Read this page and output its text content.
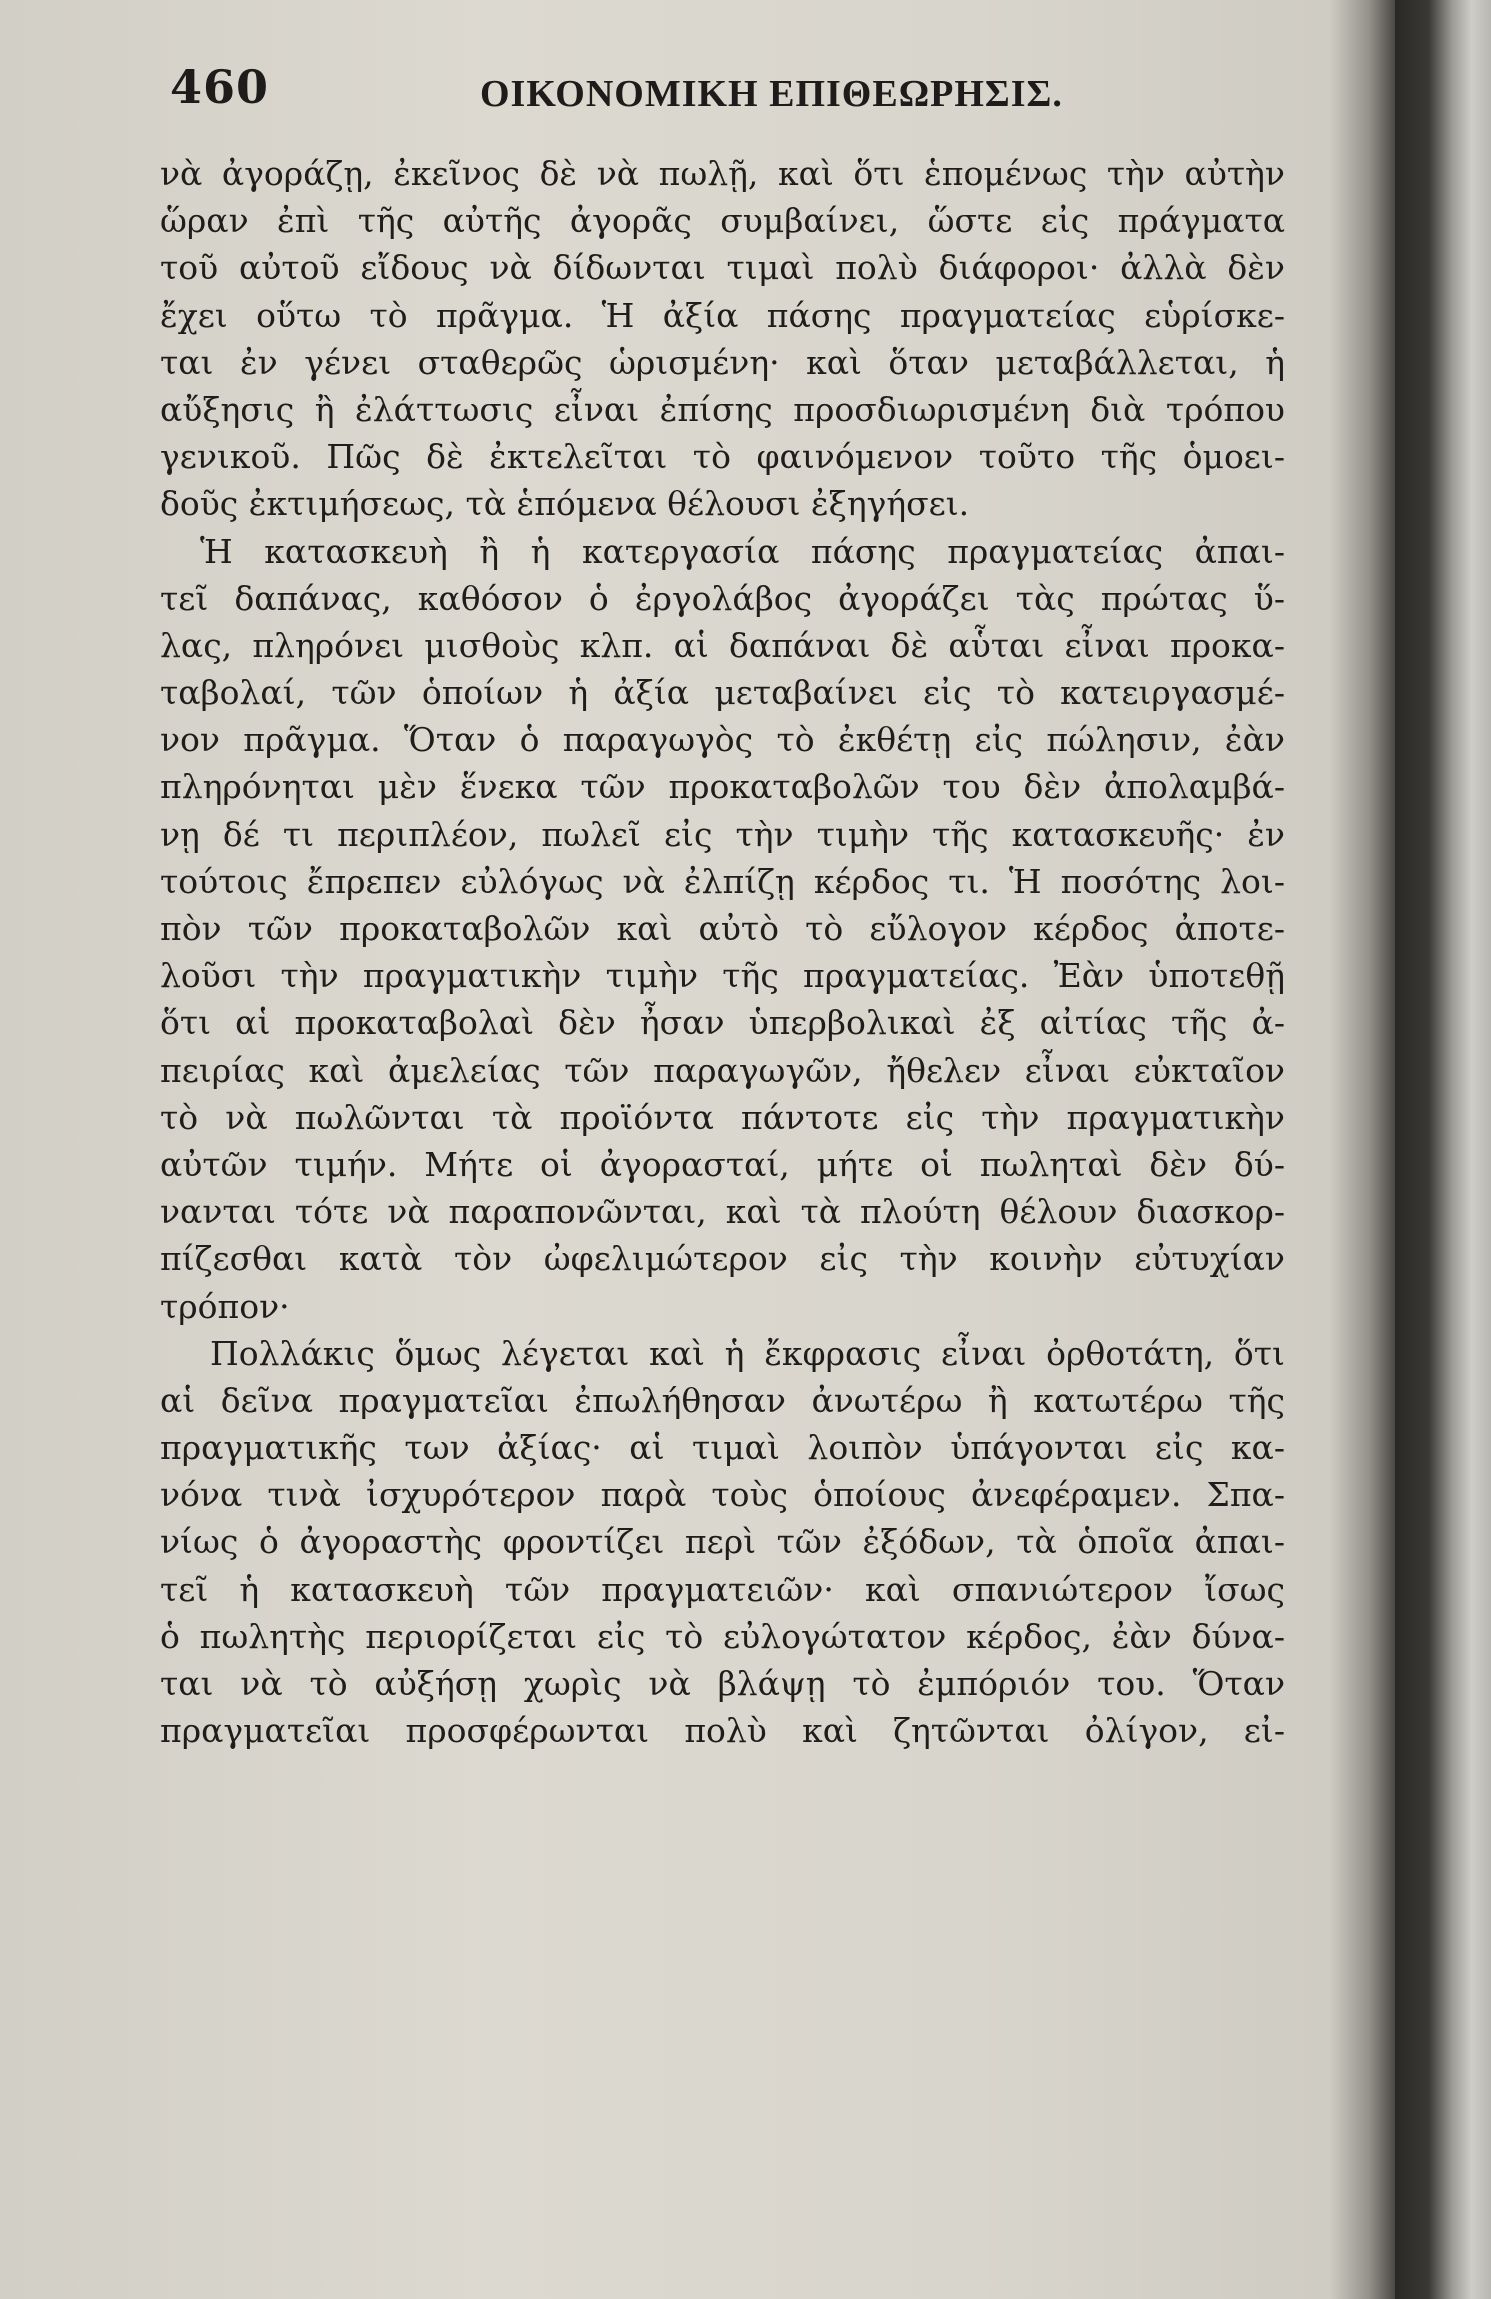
460	ΟΙΚΟΝΟΜΙΚΗ ΕΠΙΘΕΩΡΗΣΙΣ.
νὰ ἀγοράζῃ, ἐκεῖνος δὲ νὰ πωλῇ, καὶ ὅτι ἑπομένως τὴν αὐτὴν
ὥραν ἐπὶ τῆς αὐτῆς ἀγορᾶς συμβαίνει, ὥστε εἰς πράγματα
τοῦ αὐτοῦ εἴδους νὰ δίδωνται τιμαὶ πολὺ διάφοροι· ἀλλὰ δὲν
ἔχει οὕτω τὸ πρᾶγμα. Ἡ ἀξία πάσης πραγματείας εὑρίσκε-
ται ἐν γένει σταθερῶς ὡρισμένη· καὶ ὅταν μεταβάλλεται, ἡ
αὔξησις ἢ ἐλάττωσις εἶναι ἐπίσης προσδιωρισμένη διὰ τρόπου
γενικοῦ. Πῶς δὲ ἐκτελεῖται τὸ φαινόμενον τοῦτο τῆς ὁμοει-
δοῦς ἐκτιμήσεως, τὰ ἑπόμενα θέλουσι ἐξηγήσει.
Ἡ κατασκευὴ ἢ ἡ κατεργασία πάσης πραγματείας ἀπαι-
τεῖ δαπάνας, καθόσον ὁ ἐργολάβος ἀγοράζει τὰς πρώτας ὕ-
λας, πληρόνει μισθοὺς κλπ. αἱ δαπάναι δὲ αὗται εἶναι προκα-
ταβολαί, τῶν ὁποίων ἡ ἀξία μεταβαίνει εἰς τὸ κατειργασμέ-
νον πρᾶγμα. Ὅταν ὁ παραγωγὸς τὸ ἐκθέτῃ εἰς πώλησιν, ἐὰν
πληρόνηται μὲν ἕνεκα τῶν προκαταβολῶν του δὲν ἀπολαμβά-
νῃ δέ τι περιπλέον, πωλεῖ εἰς τὴν τιμὴν τῆς κατασκευῆς· ἐν
τούτοις ἔπρεπεν εὐλόγως νὰ ἐλπίζῃ κέρδος τι. Ἡ ποσότης λοι-
πὸν τῶν προκαταβολῶν καὶ αὐτὸ τὸ εὔλογον κέρδος ἀποτε-
λοῦσι τὴν πραγματικὴν τιμὴν τῆς πραγματείας. Ἐὰν ὑποτεθῇ
ὅτι αἱ προκαταβολαὶ δὲν ἦσαν ὑπερβολικαὶ ἐξ αἰτίας τῆς ἀ-
πειρίας καὶ ἀμελείας τῶν παραγωγῶν, ἤθελεν εἶναι εὐκταῖον
τὸ νὰ πωλῶνται τὰ προϊόντα πάντοτε εἰς τὴν πραγματικὴν
αὐτῶν τιμήν. Μήτε οἱ ἀγορασταί, μήτε οἱ πωληταὶ δὲν δύ-
νανται τότε νὰ παραπονῶνται, καὶ τὰ πλούτη θέλουν διασκορ-
πίζεσθαι κατὰ τὸν ὠφελιμώτερον εἰς τὴν κοινὴν εὐτυχίαν
τρόπον·
Πολλάκις ὅμως λέγεται καὶ ἡ ἔκφρασις εἶναι ὀρθοτάτη, ὅτι
αἱ δεῖνα πραγματεῖαι ἐπωλήθησαν ἀνωτέρω ἢ κατωτέρω τῆς
πραγματικῆς των ἀξίας· αἱ τιμαὶ λοιπὸν ὑπάγονται εἰς κα-
νόνα τινὰ ἰσχυρότερον παρὰ τοὺς ὁποίους ἀνεφέραμεν. Σπα-
νίως ὁ ἀγοραστὴς φροντίζει περὶ τῶν ἐξόδων, τὰ ὁποῖα ἀπαι-
τεῖ ἡ κατασκευὴ τῶν πραγματειῶν· καὶ σπανιώτερον ἴσως
ὁ πωλητὴς περιορίζεται εἰς τὸ εὐλογώτατον κέρδος, ἐὰν δύνα-
ται νὰ τὸ αὐξήσῃ χωρὶς νὰ βλάψῃ τὸ ἐμπόριόν του. Ὅταν
πραγματεῖαι προσφέρωνται πολὺ καὶ ζητῶνται ὀλίγον, εἰ-
